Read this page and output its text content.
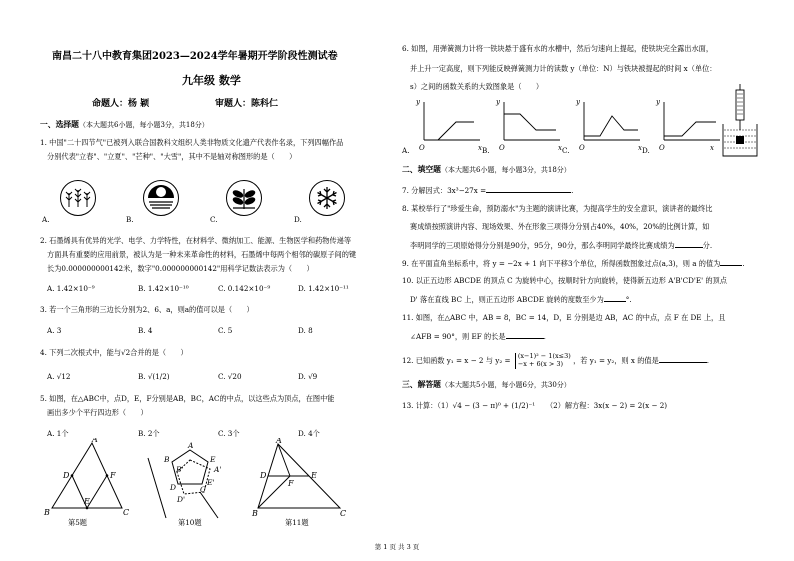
南昌二十八中教育集团2023—2024学年暑期开学阶段性测试卷
九年级 数学
命题人：杨 颖	审题人：陈科仁
一、选择题（本大题共6小题，每小题3分，共18分）
1. 中国"二十四节气"已被列入联合国教科文组织人类非物质文化遗产代表作名录，下列四幅作品
分别代表"立春"、"立夏"、"芒种"、"大雪"，其中不是轴对称图形的是（　　）
A.	B.	C.	D.
2. 石墨烯具有优异的光学、电学、力学特性，在材料学、微纳加工、能源、生物医学和药物传递等
方面具有重要的应用前景，被认为是一种未来革命性的材料，石墨烯中每两个相邻的碳原子间的键
长为0.000000000142米，数字"0.000000000142"用科学记数法表示为（　　）
A. 1.42×10⁻⁹	B. 1.42×10⁻¹⁰	C. 0.142×10⁻⁹	D. 1.42×10⁻¹¹
3. 若一个三角形的三边长分别为2、6、a，则a的值可以是（　　）
A. 3	B. 4	C. 5	D. 8
4. 下列二次根式中，能与√2合并的是（　　）
A. √12	B. √(1/2)	C. √20	D. √9
5. 如图，在△ABC中，点D，E，F分别是AB，BC，AC的中点，以这些点为顶点，在图中能
画出多少个平行四边形（　　）
A. 1个	B. 2个	C. 3个	D. 4个
A
B	C
D
E
F
第5题
A
B
C
D
E
A'
B'
D'
E'
第10题
A
B	C
D	E
F
第11题
6. 如图，用弹簧测力计将一铁块悬于盛有水的水槽中，然后匀速向上提起，使铁块完全露出水面，
并上升一定高度，则下列能反映弹簧测力计的读数 y（单位：N）与铁块被提起的时间 x（单位：
s）之间的函数关系的大致图象是（　　）
y
x
O
y
x
O
y
x
O
y
x
O
A.	B.	C.	D.
二、填空题（本大题共6小题，每小题3分，共18分）
7. 分解因式：3x³−27x =	.
8. 某校举行了"珍爱生命，预防溺水"为主题的演讲比赛，为提高学生的安全意识，演讲者的最终比
赛成绩按照演讲内容、现场效果、外在形象三项得分分别占40%，40%，20%的比例计算，如
李明同学的三项原始得分分别是90分，95分，90分，那么李明同学最终比赛成绩为	分.
9. 在平面直角坐标系中，将 y = −2x + 1 向下平移3个单位，所得函数图象过点(a,3)，则 a 的值为	.
10. 以正五边形 ABCDE 的顶点 C 为旋转中心，按顺时针方向旋转，使得新五边形 A'B'CD'E' 的顶点
D' 落在直线 BC 上，则正五边形 ABCDE 旋转的度数至少为	°.
11. 如图，在△ABC 中，AB = 8，BC = 14，D，E 分别是边 AB，AC 的中点，点 F 在 DE 上，且
∠AFB = 90°，则 EF 的长是	.
12. 已知函数 y₁ = x − 2 与 y₂ = (x−1)² − 1(x≤3)
−x + 6(x > 3)	，若 y₁ = y₂，则 x 的值是	.
三、解答题（本大题共5小题，每小题6分，共30分）
13. 计算：（1）√4 − (3 − π)⁰ + (1/2)⁻¹　　（2）解方程：3x(x − 2) = 2(x − 2)
第 1 页 共 3 页
